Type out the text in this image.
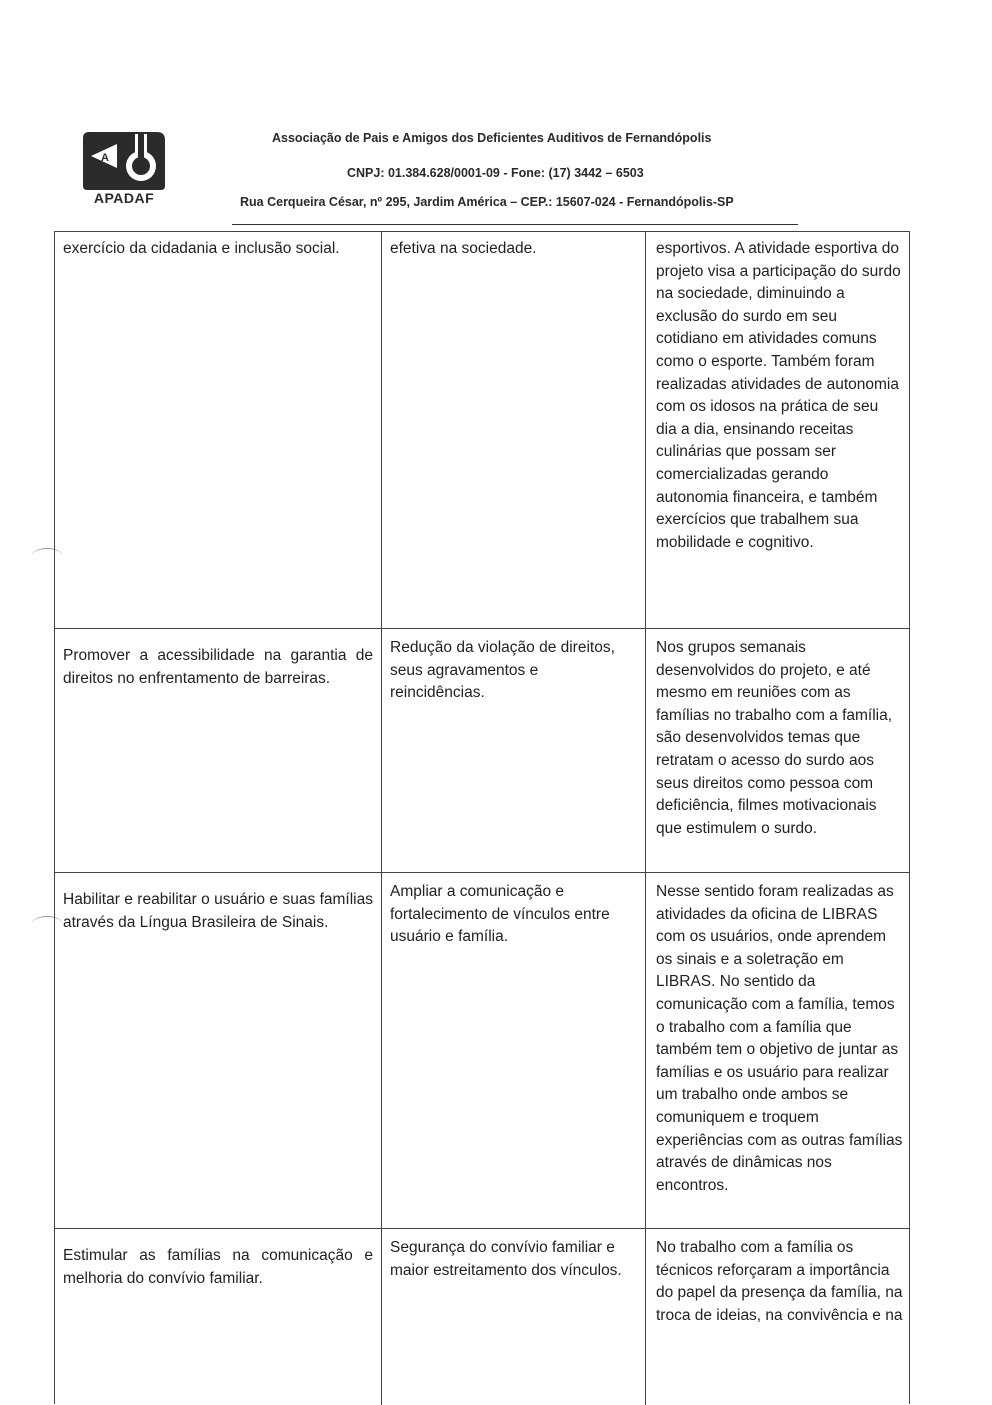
A
APADAF
Associação de Pais e Amigos dos Deficientes Auditivos de Fernandópolis
CNPJ: 01.384.628/0001-09 - Fone: (17) 3442 – 6503
Rua Cerqueira César, nº 295, Jardim América – CEP.: 15607-024 - Fernandópolis-SP
exercício da cidadania e inclusão social.	efetiva na sociedade.	esportivos. A atividade esportiva do projeto visa a participação do surdo na sociedade, diminuindo a exclusão do surdo em seu cotidiano em atividades comuns como o esporte. Também foram realizadas atividades de autonomia com os idosos na prática de seu dia a dia, ensinando receitas culinárias que possam ser comercializadas gerando autonomia financeira, e também exercícios que trabalhem sua mobilidade e cognitivo.
Promover a acessibilidade na garantia de direitos no enfrentamento de barreiras.
Redução da violação de direitos, seus agravamentos e reincidências.
Nos grupos semanais desenvolvidos do projeto, e até mesmo em reuniões com as famílias no trabalho com a família, são desenvolvidos temas que retratam o acesso do surdo aos seus direitos como pessoa com deficiência, filmes motivacionais que estimulem o surdo.
Habilitar e reabilitar o usuário e suas famílias através da Língua Brasileira de Sinais.
Ampliar a comunicação e fortalecimento de vínculos entre usuário e família.
Nesse sentido foram realizadas as atividades da oficina de LIBRAS com os usuários, onde aprendem os sinais e a soletração em LIBRAS. No sentido da comunicação com a família, temos o trabalho com a família que também tem o objetivo de juntar as famílias e os usuário para realizar um trabalho onde ambos se comuniquem e troquem experiências com as outras famílias através de dinâmicas nos encontros.
Estimular as famílias na comunicação e melhoria do convívio familiar.
Segurança do convívio familiar e maior estreitamento dos vínculos.
No trabalho com a família os técnicos reforçaram a importância do papel da presença da família, na troca de ideias, na convivência e na
